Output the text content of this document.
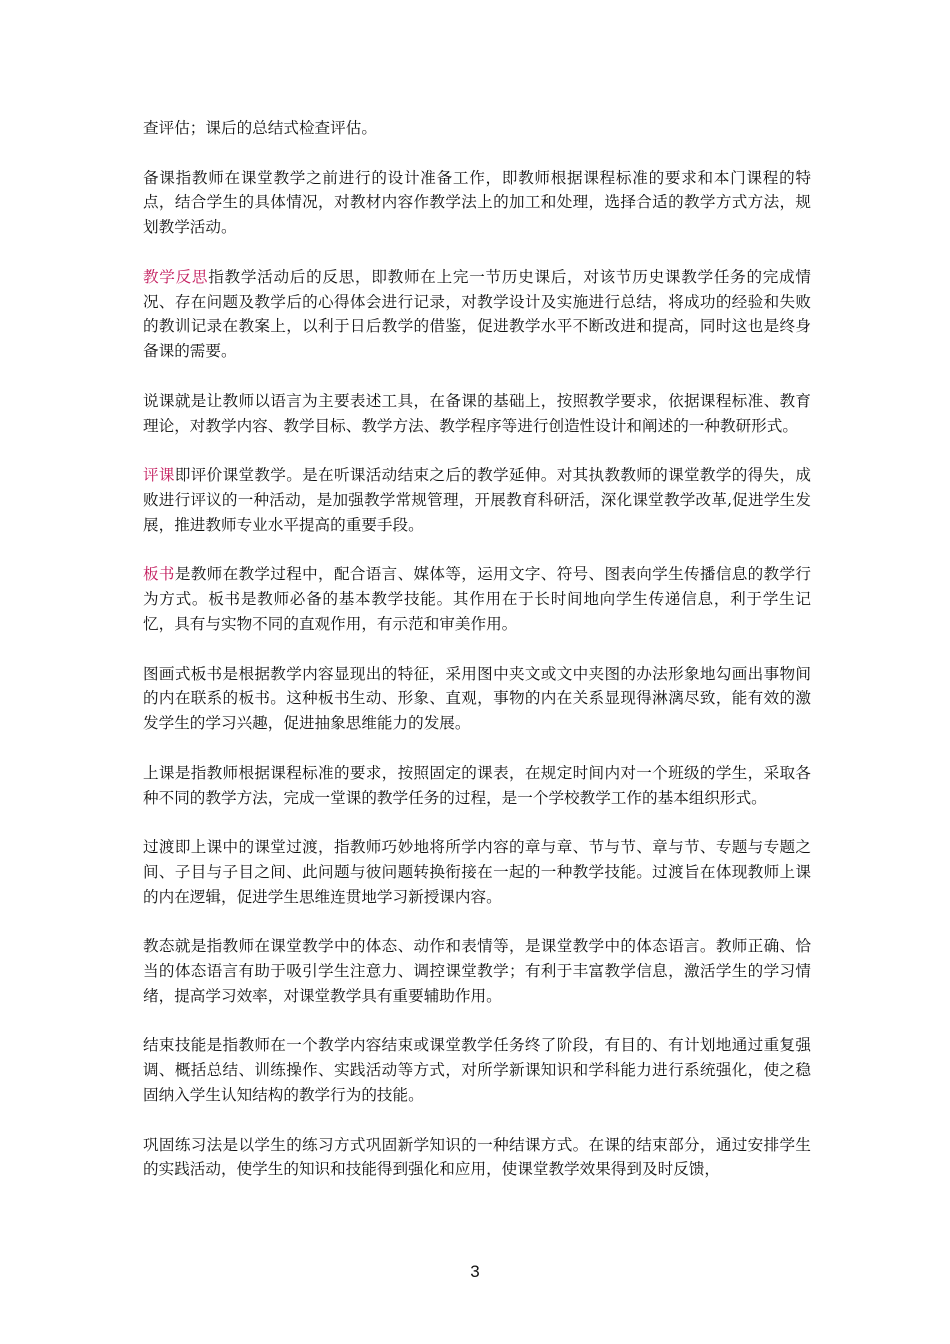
查评估；课后的总结式检查评估。

备课指教师在课堂教学之前进行的设计准备工作，即教师根据课程标准的要求和本门课程的特点，结合学生的具体情况，对教材内容作教学法上的加工和处理，选择合适的教学方式方法，规划教学活动。

教学反思指教学活动后的反思，即教师在上完一节历史课后，对该节历史课教学任务的完成情况、存在问题及教学后的心得体会进行记录，对教学设计及实施进行总结，将成功的经验和失败的教训记录在教案上，以利于日后教学的借鉴，促进教学水平不断改进和提高，同时这也是终身备课的需要。

说课就是让教师以语言为主要表述工具，在备课的基础上，按照教学要求，依据课程标准、教育理论，对教学内容、教学目标、教学方法、教学程序等进行创造性设计和阐述的一种教研形式。

评课即评价课堂教学。是在听课活动结束之后的教学延伸。对其执教教师的课堂教学的得失，成败进行评议的一种活动，是加强教学常规管理，开展教育科研活，深化课堂教学改革,促进学生发展，推进教师专业水平提高的重要手段。

板书是教师在教学过程中，配合语言、媒体等，运用文字、符号、图表向学生传播信息的教学行为方式。板书是教师必备的基本教学技能。其作用在于长时间地向学生传递信息，利于学生记忆，具有与实物不同的直观作用，有示范和审美作用。

图画式板书是根据教学内容显现出的特征，采用图中夹文或文中夹图的办法形象地勾画出事物间的内在联系的板书。这种板书生动、形象、直观，事物的内在关系显现得淋漓尽致，能有效的激发学生的学习兴趣，促进抽象思维能力的发展。

上课是指教师根据课程标准的要求，按照固定的课表，在规定时间内对一个班级的学生，采取各种不同的教学方法，完成一堂课的教学任务的过程，是一个学校教学工作的基本组织形式。

过渡即上课中的课堂过渡，指教师巧妙地将所学内容的章与章、节与节、章与节、专题与专题之间、子目与子目之间、此问题与彼问题转换衔接在一起的一种教学技能。过渡旨在体现教师上课的内在逻辑，促进学生思维连贯地学习新授课内容。

教态就是指教师在课堂教学中的体态、动作和表情等，是课堂教学中的体态语言。教师正确、恰当的体态语言有助于吸引学生注意力、调控课堂教学；有利于丰富教学信息，激活学生的学习情绪，提高学习效率，对课堂教学具有重要辅助作用。

结束技能是指教师在一个教学内容结束或课堂教学任务终了阶段，有目的、有计划地通过重复强调、概括总结、训练操作、实践活动等方式，对所学新课知识和学科能力进行系统强化，使之稳固纳入学生认知结构的教学行为的技能。

巩固练习法是以学生的练习方式巩固新学知识的一种结课方式。在课的结束部分，通过安排学生的实践活动，使学生的知识和技能得到强化和应用，使课堂教学效果得到及时反馈，

3
